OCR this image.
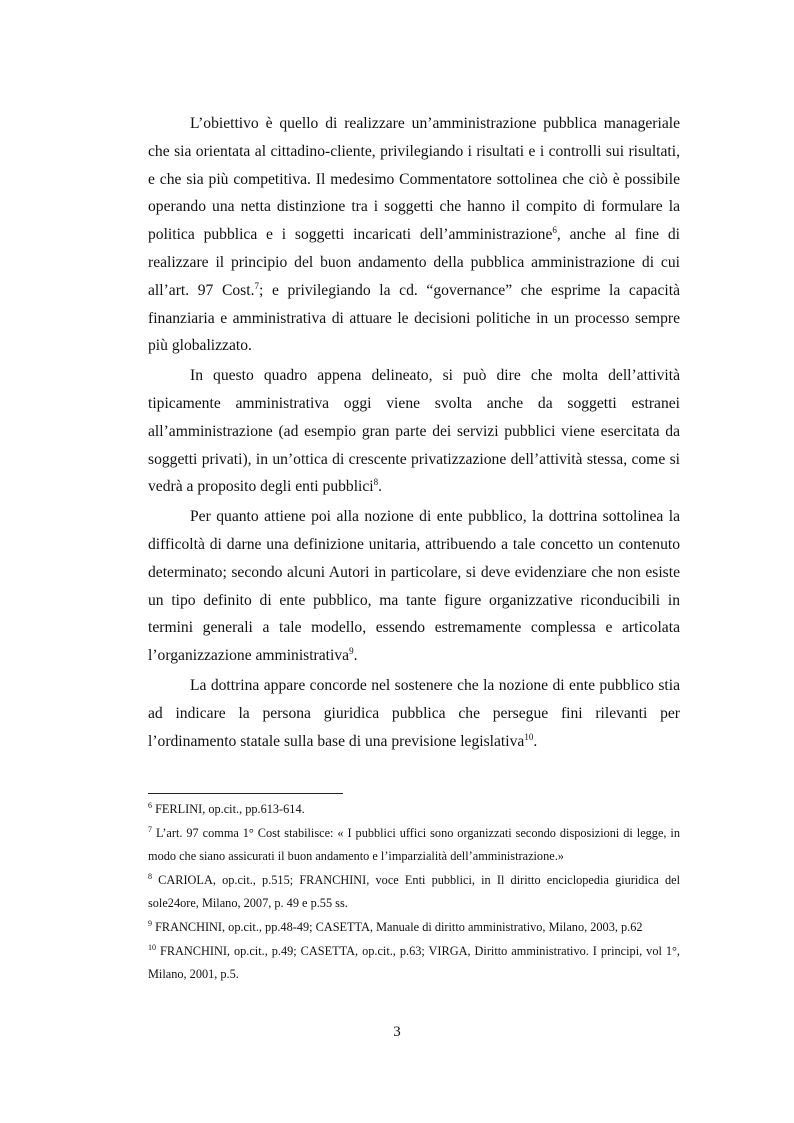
L’obiettivo è quello di realizzare un’amministrazione pubblica manageriale che sia orientata al cittadino-cliente, privilegiando i risultati e i controlli sui risultati, e che sia più competitiva. Il medesimo Commentatore sottolinea che ciò è possibile operando una netta distinzione tra i soggetti che hanno il compito di formulare la politica pubblica e i soggetti incaricati dell’amministrazione$^6$, anche al fine di realizzare il principio del buon andamento della pubblica amministrazione di cui all’art. 97 Cost.$^7$; e privilegiando la cd. “governance” che esprime la capacità finanziaria e amministrativa di attuare le decisioni politiche in un processo sempre più globalizzato.

In questo quadro appena delineato, si può dire che molta dell’attività tipicamente amministrativa oggi viene svolta anche da soggetti estranei all’amministrazione (ad esempio gran parte dei servizi pubblici viene esercitata da soggetti privati), in un’ottica di crescente privatizzazione dell’attività stessa, come si vedrà a proposito degli enti pubblici$^8$.

Per quanto attiene poi alla nozione di ente pubblico, la dottrina sottolinea la difficoltà di darne una definizione unitaria, attribuendo a tale concetto un contenuto determinato; secondo alcuni Autori in particolare, si deve evidenziare che non esiste un tipo definito di ente pubblico, ma tante figure organizzative riconducibili in termini generali a tale modello, essendo estremamente complessa e articolata l’organizzazione amministrativa$^9$.

La dottrina appare concorde nel sostenere che la nozione di ente pubblico stia ad indicare la persona giuridica pubblica che persegue fini rilevanti per l’ordinamento statale sulla base di una previsione legislativa$^{10}$.

$^6$ FERLINI, op.cit., pp.613-614.

$^7$ L’art. 97 comma 1° Cost stabilisce: « I pubblici uffici sono organizzati secondo disposizioni di legge, in modo che siano assicurati il buon andamento e l’imparzialità dell’amministrazione.»

$^8$ CARIOLA, op.cit., p.515; FRANCHINI, voce Enti pubblici, in Il diritto enciclopedia giuridica del sole24ore, Milano, 2007, p. 49 e p.55 ss.

$^9$ FRANCHINI, op.cit., pp.48-49; CASETTA, Manuale di diritto amministrativo, Milano, 2003, p.62

$^{10}$ FRANCHINI, op.cit., p.49; CASETTA, op.cit., p.63; VIRGA, Diritto amministrativo. I principi, vol 1°, Milano, 2001, p.5.

3
